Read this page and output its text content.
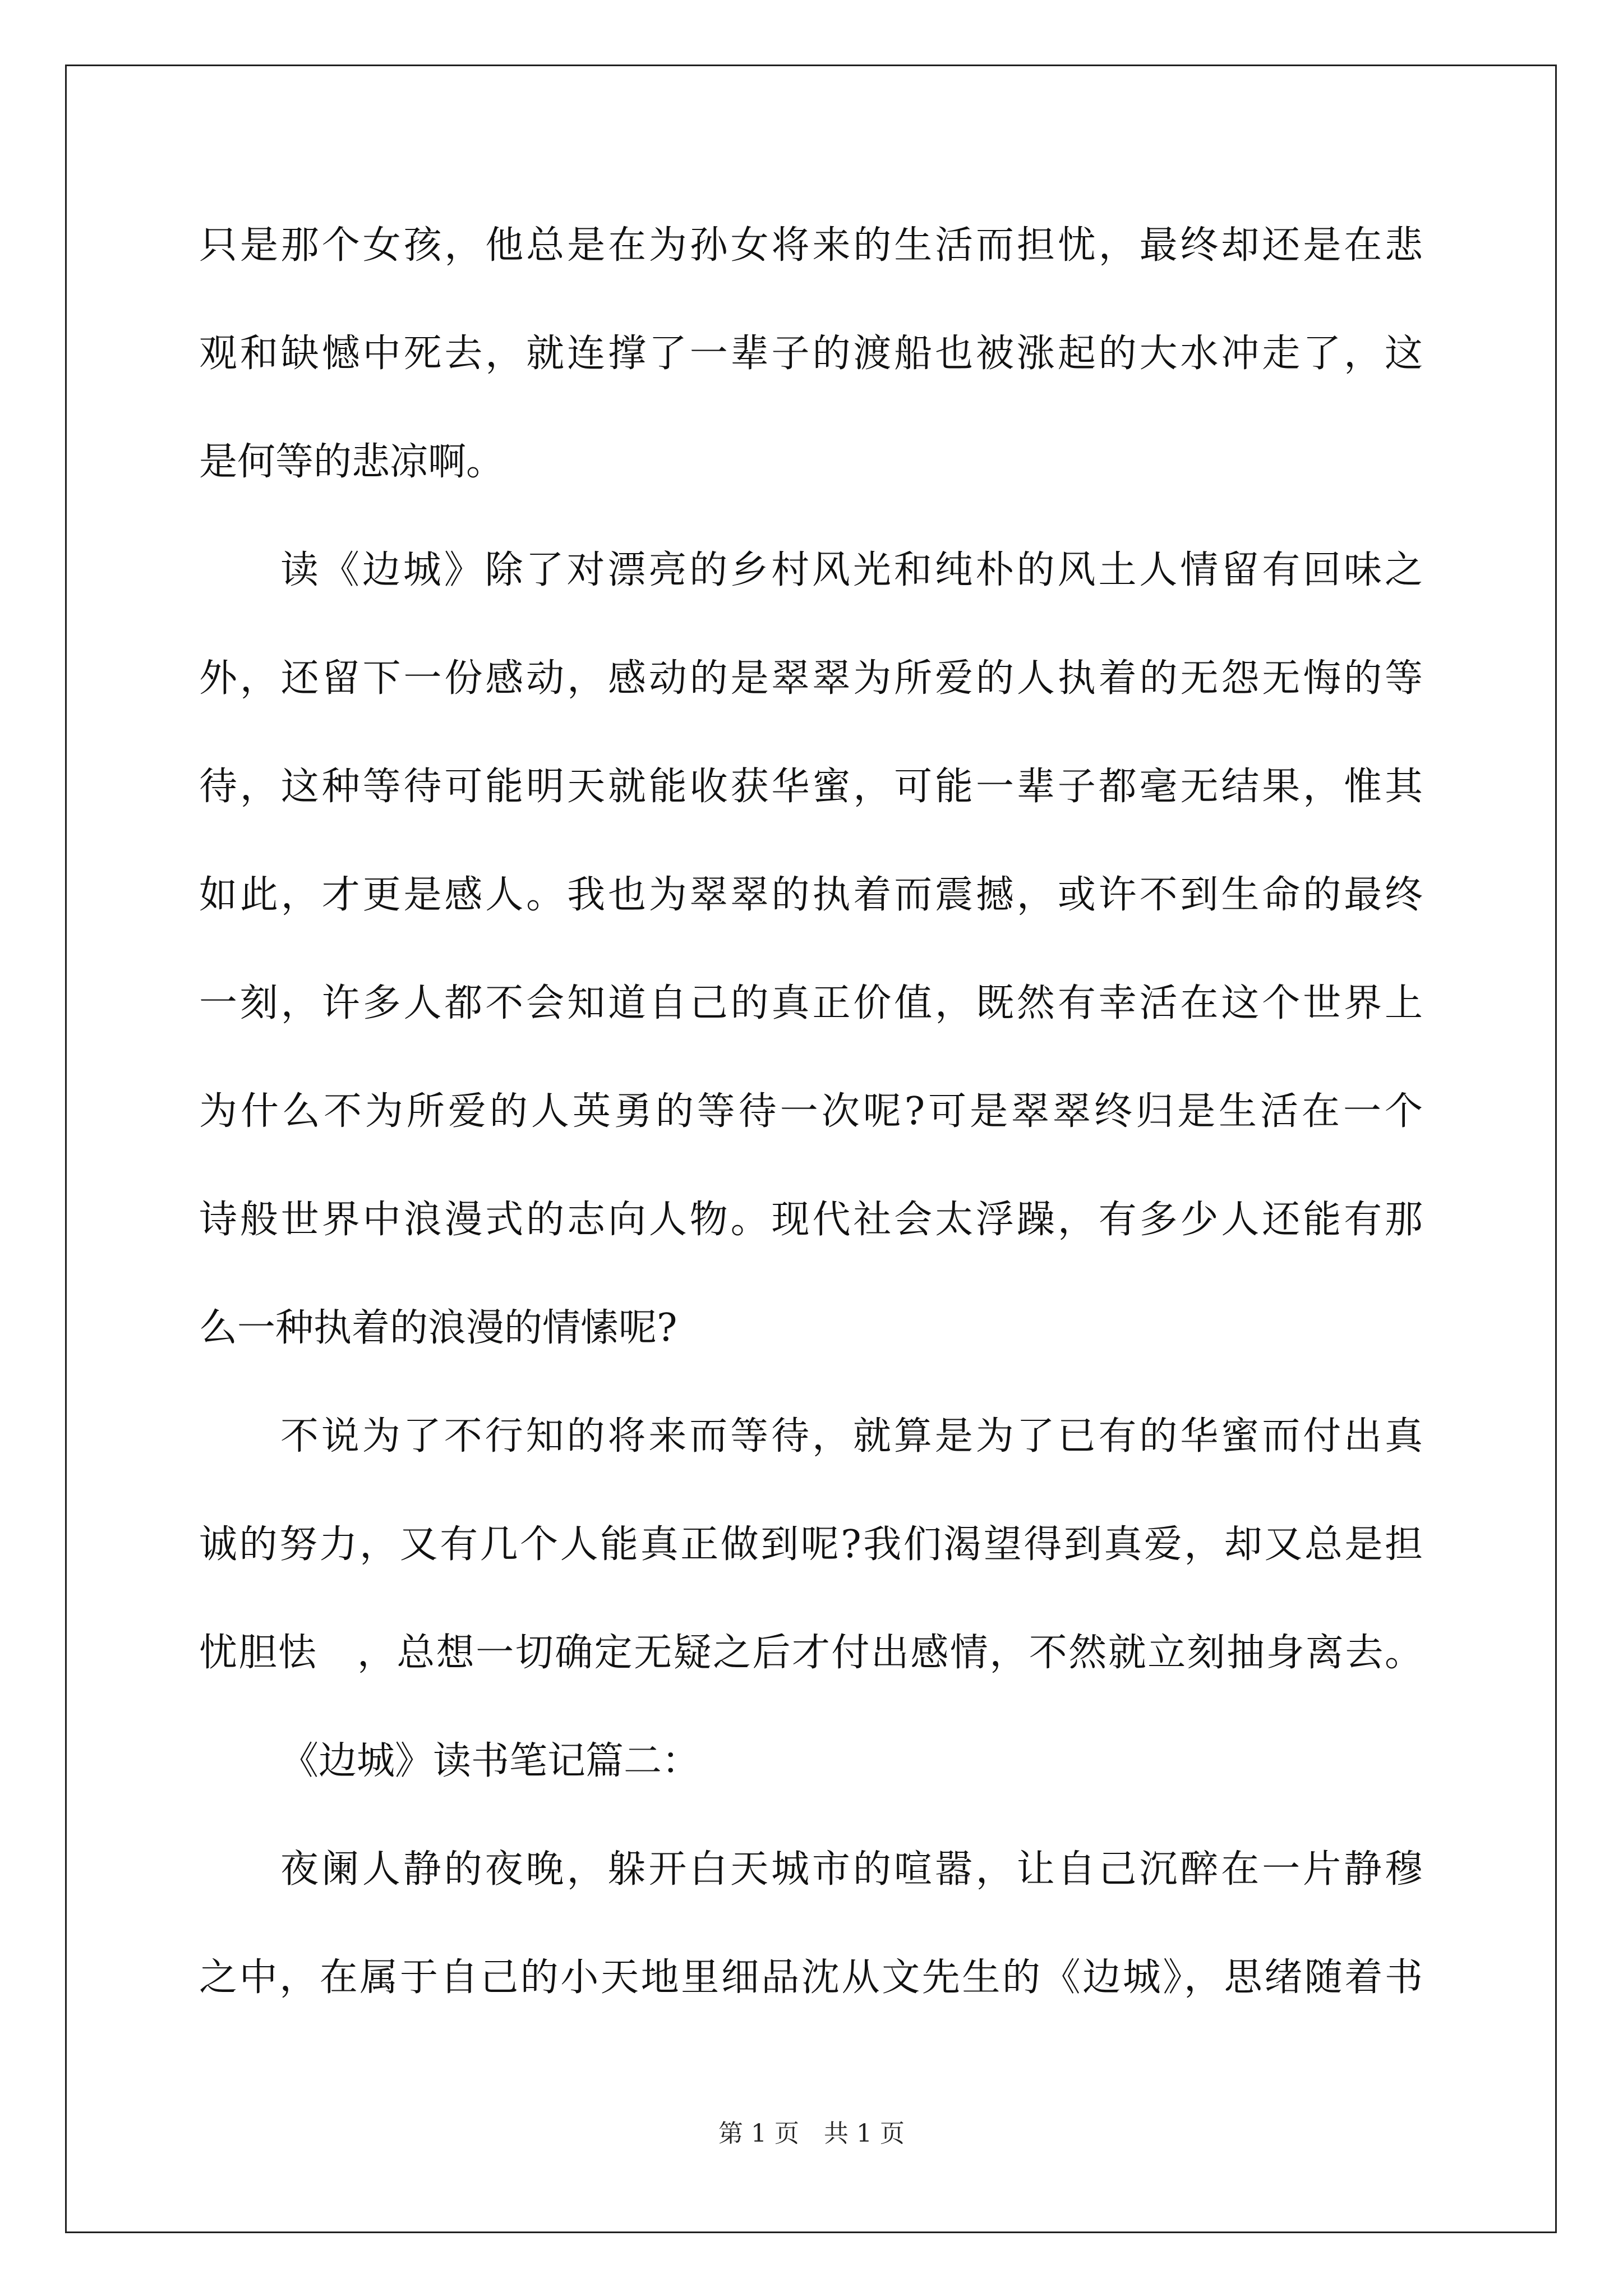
只是那个女孩，他总是在为孙女将来的生活而担忧，最终却还是在悲
观和缺憾中死去，就连撑了一辈子的渡船也被涨起的大水冲走了，这
是何等的悲凉啊。
读《边城》除了对漂亮的乡村风光和纯朴的风土人情留有回味之
外，还留下一份感动，感动的是翠翠为所爱的人执着的无怨无悔的等
待，这种等待可能明天就能收获华蜜，可能一辈子都毫无结果，惟其
如此，才更是感人。我也为翠翠的执着而震撼，或许不到生命的最终
一刻，许多人都不会知道自己的真正价值，既然有幸活在这个世界上
为什么不为所爱的人英勇的等待一次呢?可是翠翠终归是生活在一个
诗般世界中浪漫式的志向人物。现代社会太浮躁，有多少人还能有那
么一种执着的浪漫的情愫呢?
不说为了不行知的将来而等待，就算是为了已有的华蜜而付出真
诚的努力，又有几个人能真正做到呢?我们渴望得到真爱，却又总是担
忧胆怯　，总想一切确定无疑之后才付出感情，不然就立刻抽身离去。
《边城》读书笔记篇二：
夜阑人静的夜晚，躲开白天城市的喧嚣，让自己沉醉在一片静穆
之中，在属于自己的小天地里细品沈从文先生的《边城》，思绪随着书
第 1 页　共 1 页
